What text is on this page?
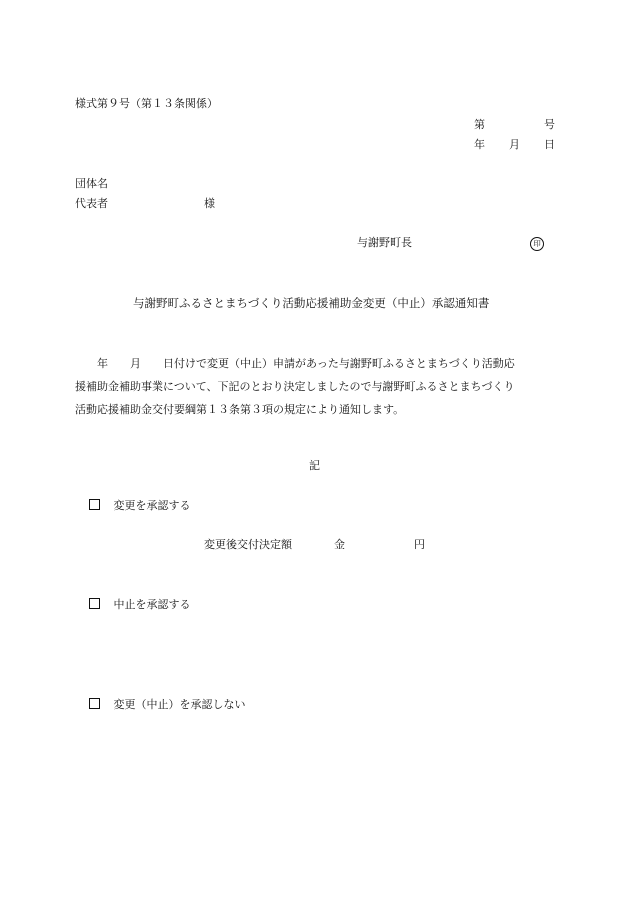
様式第９号（第１３条関係）
第	号
年 月 日
団体名
代表者	様
与謝野町長	印
与謝野町ふるさとまちづくり活動応援補助金変更（中止）承認通知書

　　年　　月　　日付けで変更（中止）申請があった与謝野町ふるさとまちづくり活動応

援補助金補助事業について、下記のとおり決定しましたので与謝野町ふるさとまちづくり

活動応援補助金交付要綱第１３条第３項の規定により通知します。

記
変更を承認する
変更後交付決定額	金	円
中止を承認する
変更（中止）を承認しない
